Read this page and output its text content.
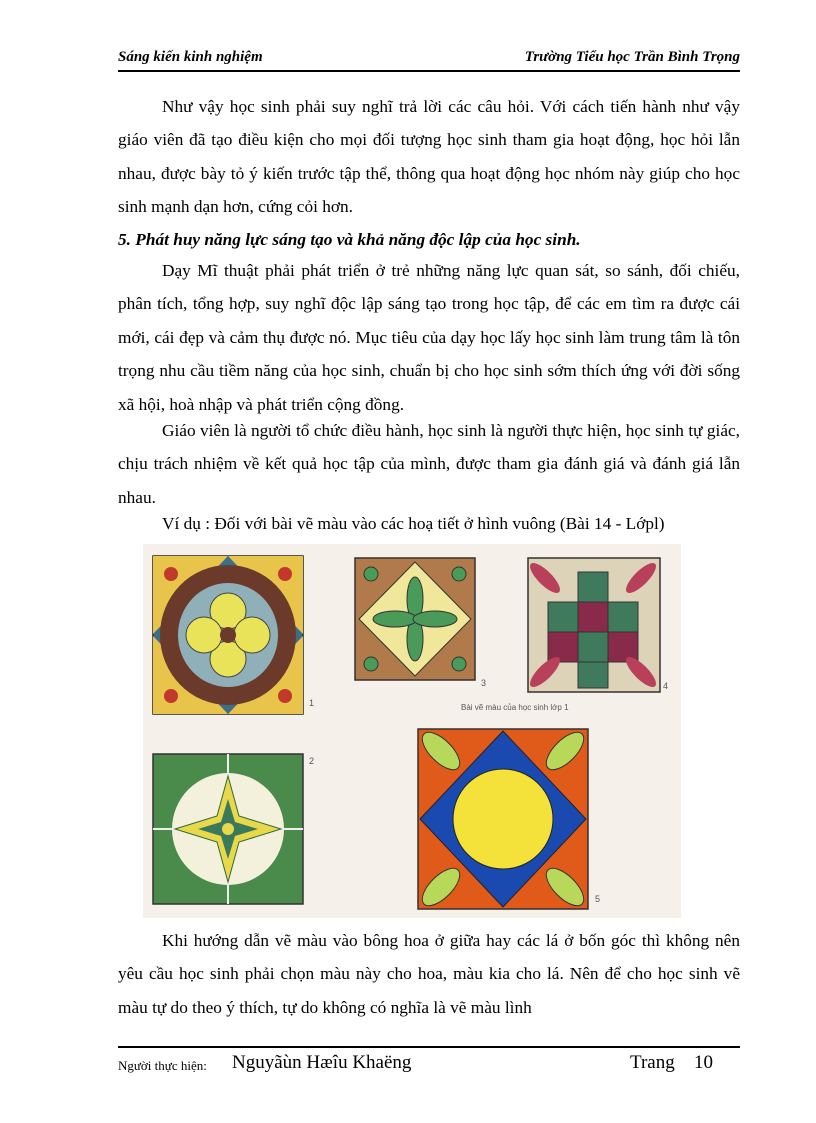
Sáng kiến kinh nghiệm	Trường Tiểu học Trần Bình Trọng
Như vậy học sinh phải suy nghĩ trả lời các câu hỏi. Với cách tiến hành như vậy giáo viên đã tạo điều kiện cho mọi đối tượng học sinh tham gia hoạt động, học hỏi lẫn nhau, được bày tỏ ý kiến trước tập thể, thông qua hoạt động học nhóm này giúp cho học sinh mạnh dạn hơn, cứng cỏi hơn.
5. Phát huy năng lực sáng tạo và khả năng độc lập của học sinh.
Dạy Mĩ thuật phải phát triển ở trẻ những năng lực quan sát, so sánh, đối chiếu, phân tích, tổng hợp, suy nghĩ độc lập sáng tạo trong học tập, để các em tìm ra được cái mới, cái đẹp và cảm thụ được nó. Mục tiêu của dạy học lấy học sinh làm trung tâm là tôn trọng nhu cầu tiềm năng của học sinh, chuẩn bị cho học sinh sớm thích ứng với đời sống xã hội, hoà nhập và phát triển cộng đồng.
Giáo viên là người tổ chức điều hành, học sinh là người thực hiện, học sinh tự giác, chịu trách nhiệm về kết quả học tập của mình, được tham gia đánh giá và đánh giá lẫn nhau.
Ví dụ : Đối với bài vẽ màu vào các hoạ tiết ở hình vuông (Bài 14 - Lớpl)
1
3	4
Bài vẽ màu của học sinh lớp 1
2
5
Khi hướng dẫn vẽ màu vào bông hoa ở giữa hay các lá ở bốn góc thì không nên yêu cầu học sinh phải chọn màu này cho hoa, màu kia cho lá. Nên để cho học sinh vẽ màu tự do theo ý thích, tự do không có nghĩa là vẽ màu lình
Người thực hiện: Nguyãùn Hæîu Khaëng	Trang 10
